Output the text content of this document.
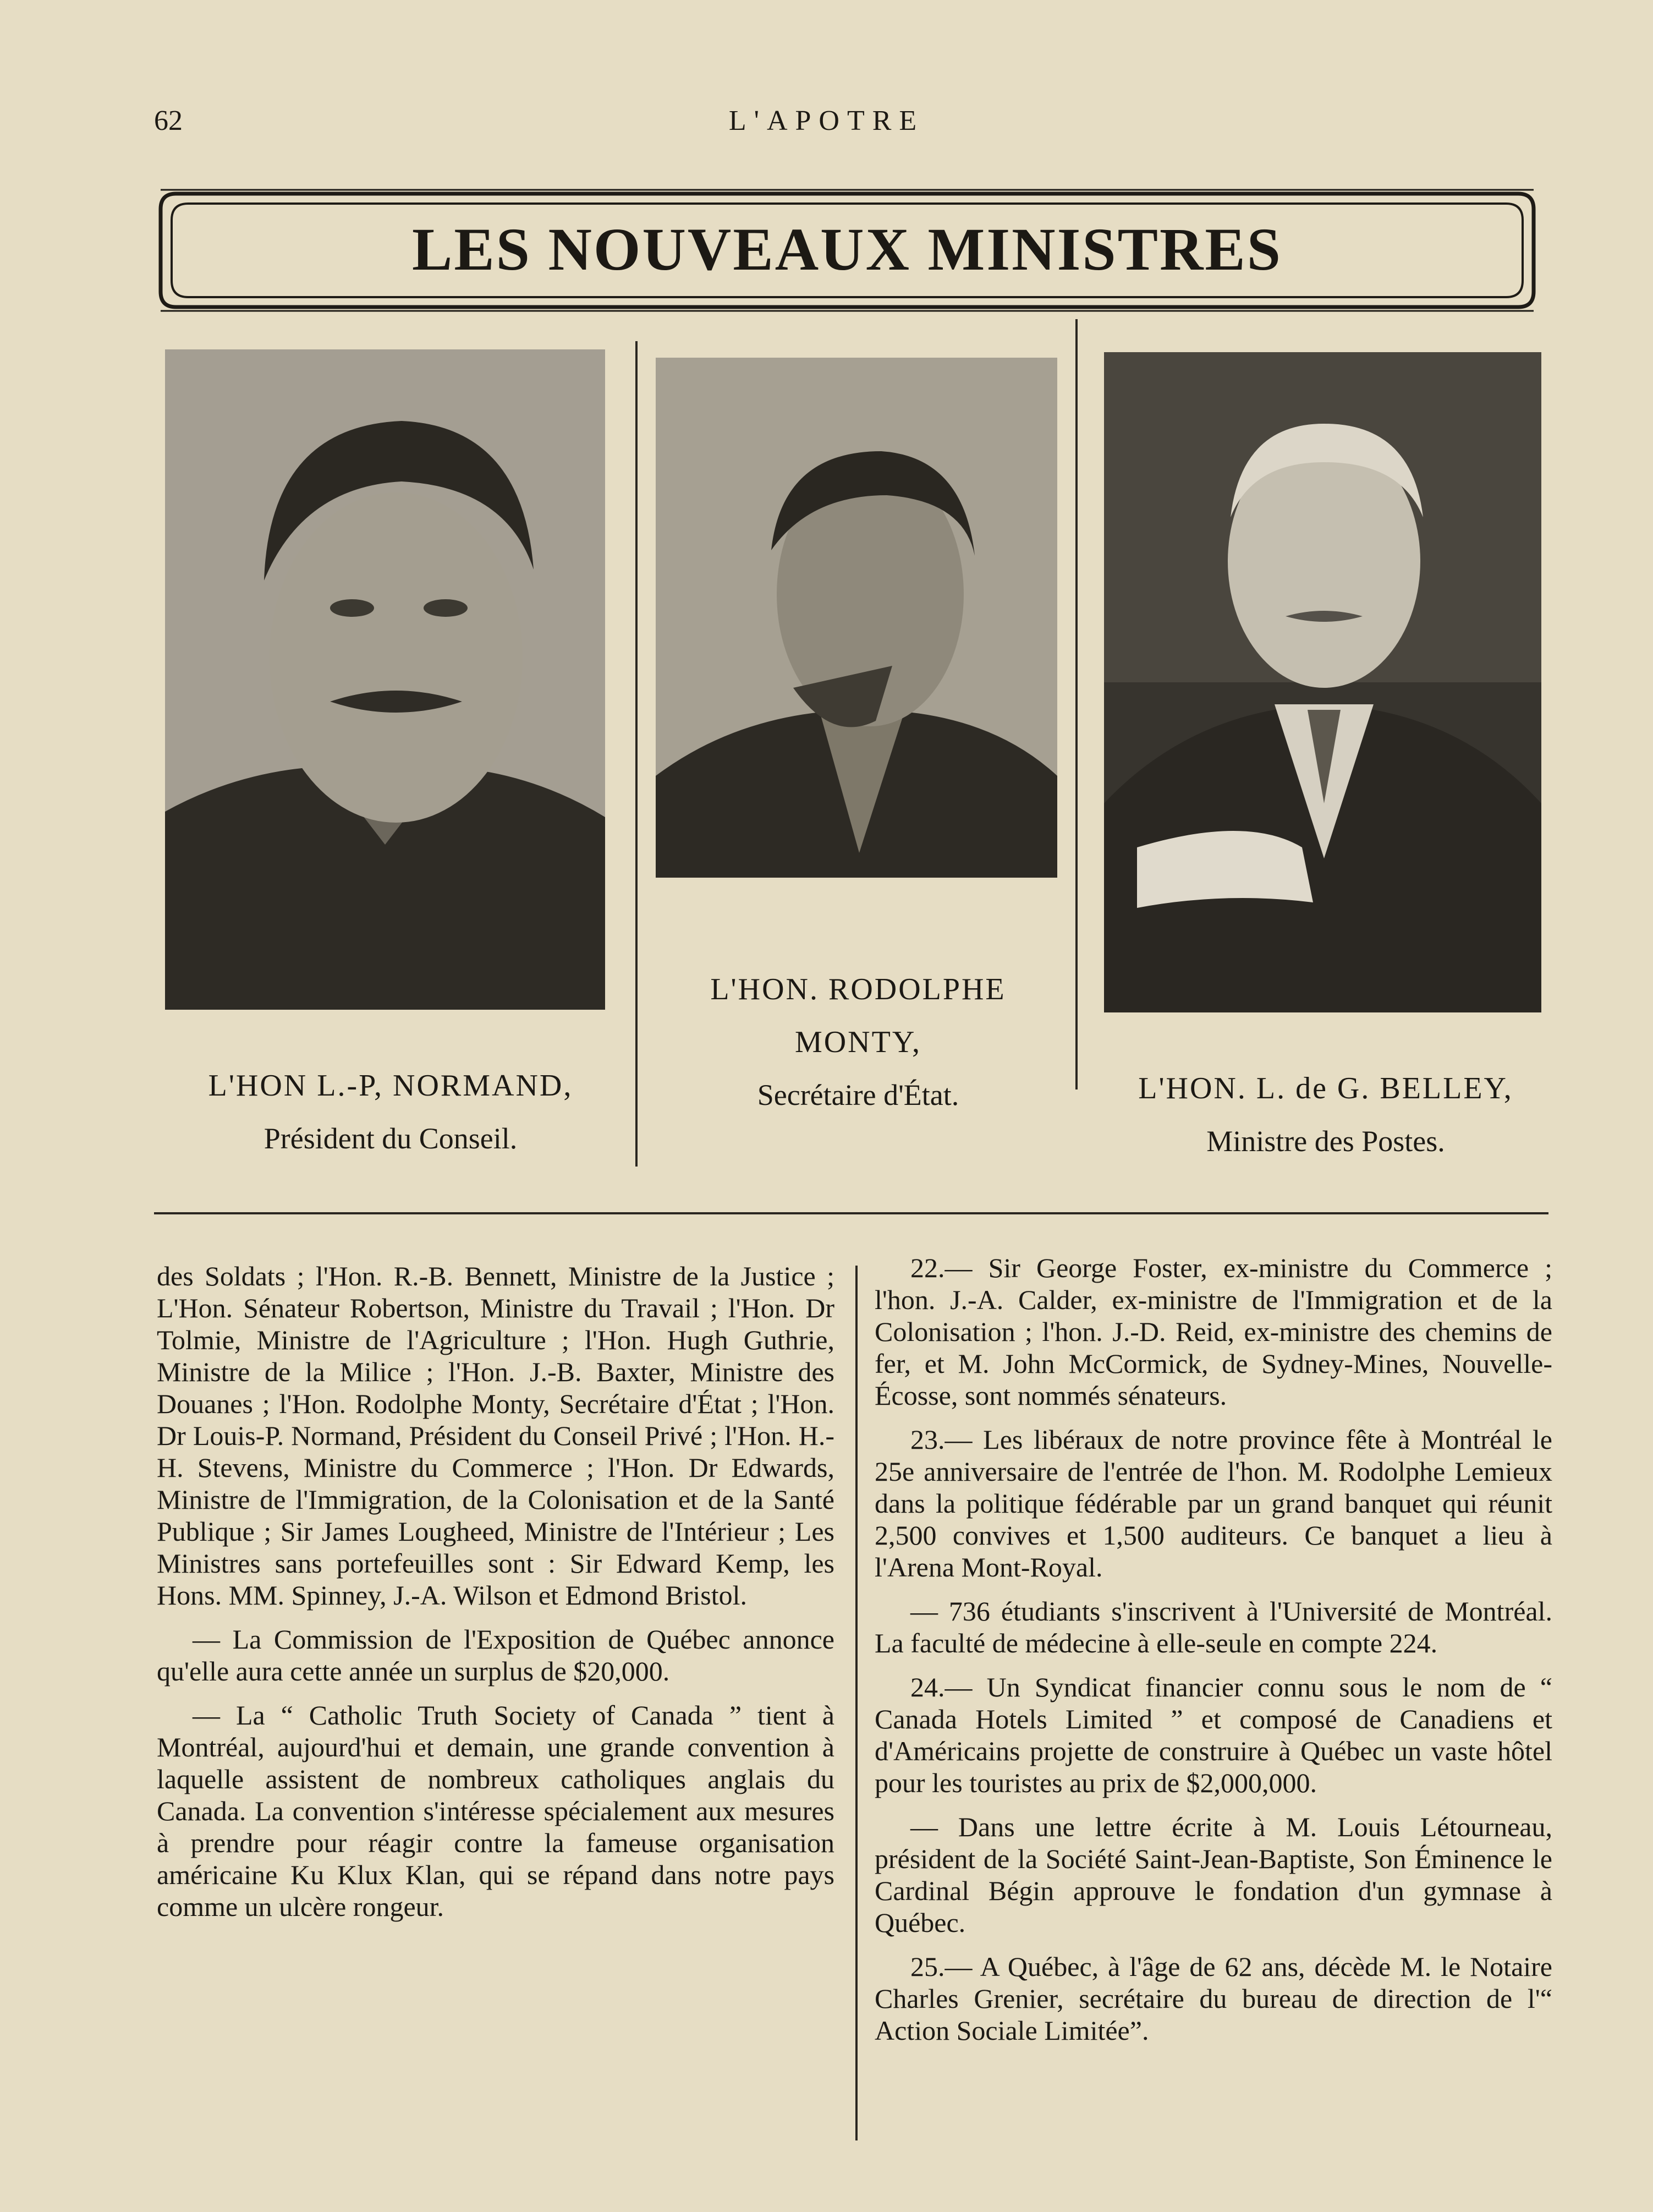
62	L'APOTRE
LES NOUVEAUX MINISTRES
L'HON L.-P, NORMAND,
Président du Conseil.
L'HON. RODOLPHE
MONTY,
Secrétaire d'État.	L'HON. L. de G. BELLEY,
Ministre des Postes.

des Soldats ; l'Hon. R.-B. Bennett, Ministre de la Justice ; L'Hon. Sénateur Robertson, Ministre du Travail ; l'Hon. Dr Tolmie, Ministre de l'Agriculture ; l'Hon. Hugh Guthrie, Ministre de la Milice ; l'Hon. J.-B. Baxter, Ministre des Douanes ; l'Hon. Rodolphe Monty, Secrétaire d'État ; l'Hon. Dr Louis-P. Normand, Président du Conseil Privé ; l'Hon. H.-H. Stevens, Ministre du Commerce ; l'Hon. Dr Edwards, Ministre de l'Immigration, de la Colonisation et de la Santé Publique ; Sir James Lougheed, Ministre de l'Intérieur ; Les Ministres sans portefeuilles sont : Sir Edward Kemp, les Hons. MM. Spinney, J.-A. Wilson et Edmond Bristol.

— La Commission de l'Exposition de Québec annonce qu'elle aura cette année un surplus de $20,000.

— La “ Catholic Truth Society of Canada ” tient à Montréal, aujourd'hui et demain, une grande convention à laquelle assistent de nombreux catholiques anglais du Canada. La convention s'intéresse spécialement aux mesures à prendre pour réagir contre la fameuse organisation américaine Ku Klux Klan, qui se répand dans notre pays comme un ulcère rongeur.

22.— Sir George Foster, ex-ministre du Commerce ; l'hon. J.-A. Calder, ex-ministre de l'Immigration et de la Colonisation ; l'hon. J.-D. Reid, ex-ministre des chemins de fer, et M. John McCormick, de Sydney-Mines, Nouvelle-Écosse, sont nommés sénateurs.

23.— Les libéraux de notre province fête à Montréal le 25e anniversaire de l'entrée de l'hon. M. Rodolphe Lemieux dans la politique fédérable par un grand banquet qui réunit 2,500 convives et 1,500 auditeurs. Ce banquet a lieu à l'Arena Mont-Royal.

— 736 étudiants s'inscrivent à l'Université de Montréal. La faculté de médecine à elle-seule en compte 224.

24.— Un Syndicat financier connu sous le nom de “ Canada Hotels Limited ” et composé de Canadiens et d'Américains projette de construire à Québec un vaste hôtel pour les touristes au prix de $2,000,000.

— Dans une lettre écrite à M. Louis Létourneau, président de la Société Saint-Jean-Baptiste, Son Éminence le Cardinal Bégin approuve le fondation d'un gymnase à Québec.

25.— A Québec, à l'âge de 62 ans, décède M. le Notaire Charles Grenier, secrétaire du bureau de direction de l'“ Action Sociale Limitée”.
